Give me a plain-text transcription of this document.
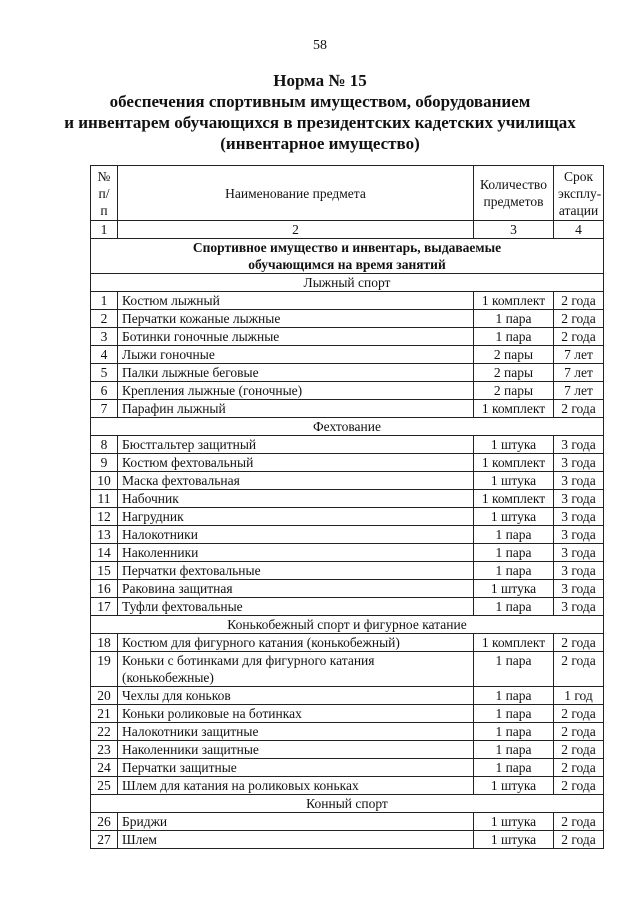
58
Норма № 15
обеспечения спортивным имуществом, оборудованием
и инвентарем обучающихся в президентских кадетских училищах
(инвентарное имущество)
№ п/п	Наименование предмета	Количество предметов	Срок эксплу-атации
1	2	3	4
Спортивное имущество и инвентарь, выдаваемые обучающимся на время занятий			
Лыжный спорт			
1	Костюм лыжный	1 комплект	2 года
2	Перчатки кожаные лыжные	1 пара	2 года
3	Ботинки гоночные лыжные	1 пара	2 года
4	Лыжи гоночные	2 пары	7 лет
5	Палки лыжные беговые	2 пары	7 лет
6	Крепления лыжные (гоночные)	2 пары	7 лет
7	Парафин лыжный	1 комплект	2 года
Фехтование			
8	Бюстгальтер защитный	1 штука	3 года
9	Костюм фехтовальный	1 комплект	3 года
10	Маска фехтовальная	1 штука	3 года
11	Набочник	1 комплект	3 года
12	Нагрудник	1 штука	3 года
13	Налокотники	1 пара	3 года
14	Наколенники	1 пара	3 года
15	Перчатки фехтовальные	1 пара	3 года
16	Раковина защитная	1 штука	3 года
17	Туфли фехтовальные	1 пара	3 года
Конькобежный спорт и фигурное катание			
18	Костюм для фигурного катания (конькобежный)	1 комплект	2 года
19	Коньки с ботинками для фигурного катания (конькобежные)	1 пара	2 года
20	Чехлы для коньков	1 пара	1 год
21	Коньки роликовые на ботинках	1 пара	2 года
22	Налокотники защитные	1 пара	2 года
23	Наколенники защитные	1 пара	2 года
24	Перчатки защитные	1 пара	2 года
25	Шлем для катания на роликовых коньках	1 штука	2 года
Конный спорт			
26	Бриджи	1 штука	2 года
27	Шлем	1 штука	2 года
